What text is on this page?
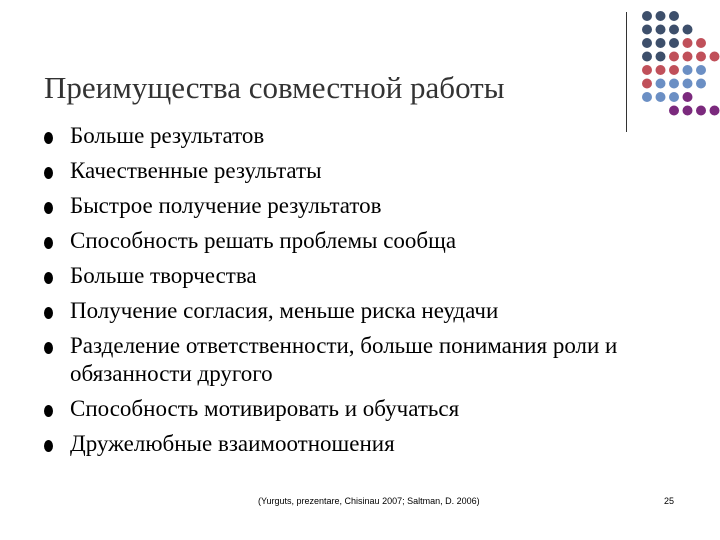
Преимущества совместной работы
Больше результатов
Качественные результаты
Быстрое получение результатов
Способность решать проблемы сообща
Больше творчества
Получение согласия, меньше риска неудачи
Разделение ответственности, больше понимания роли и обязанности другого
Способность мотивировать и обучаться
Дружелюбные взаимоотношения
(Yurguts, prezentare, Chisinau 2007; Saltman, D. 2006)	25
